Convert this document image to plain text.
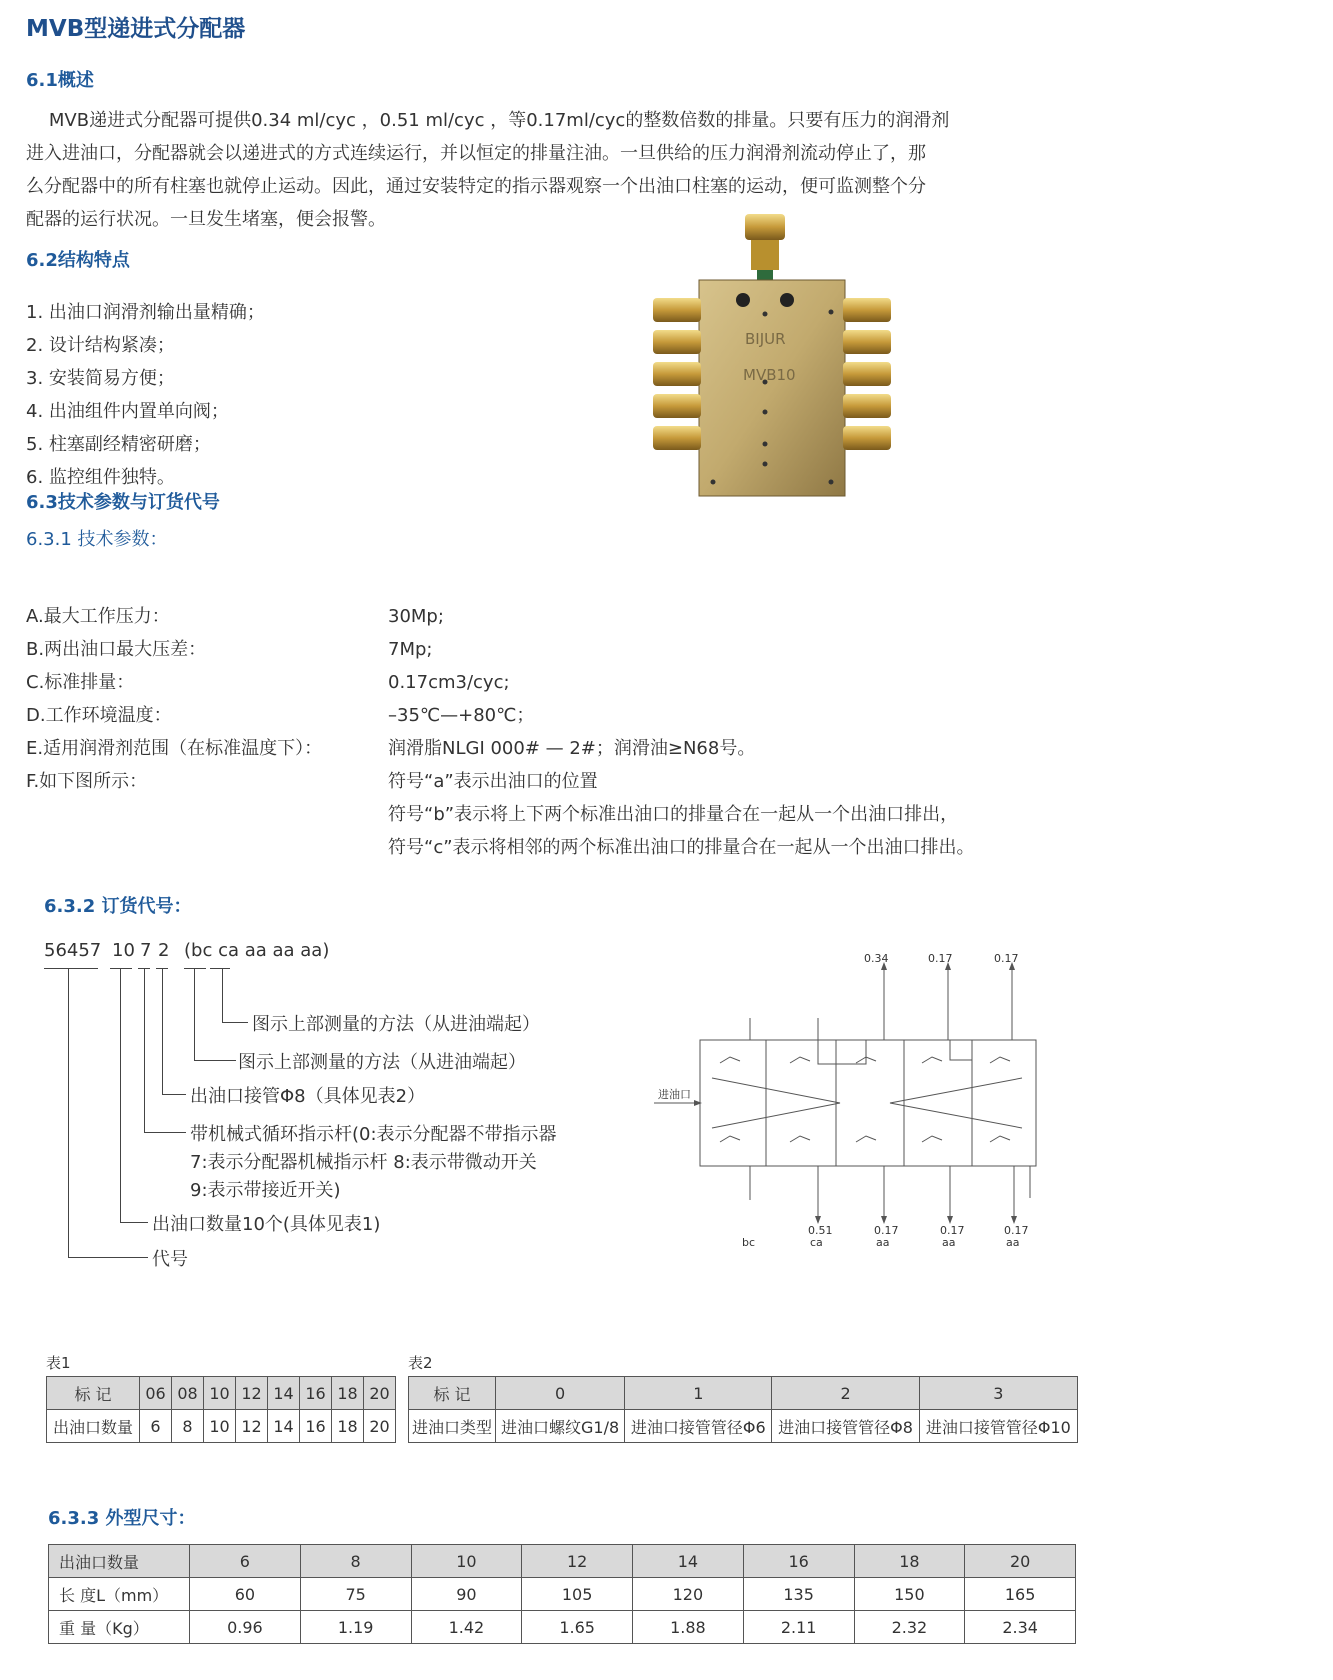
MVB型递进式分配器
6.1概述

MVB递进式分配器可提供0.34 ml/cyc ，0.51 ml/cyc ，等0.17ml/cyc的整数倍数的排量。只要有压力的润滑剂

进入进油口，分配器就会以递进式的方式连续运行，并以恒定的排量注油。一旦供给的压力润滑剂流动停止了，那

么分配器中的所有柱塞也就停止运动。因此，通过安装特定的指示器观察一个出油口柱塞的运动，便可监测整个分

配器的运行状况。一旦发生堵塞，便会报警。

6.2结构特点
1. 出油口润滑剂输出量精确；
2. 设计结构紧凑；
3. 安装简易方便；
4. 出油组件内置单向阀；
5. 柱塞副经精密研磨；
6. 监控组件独特。
BIJUR
MVB10
6.3技术参数与订货代号
6.3.1 技术参数：
A.最大工作压力：	30Mp;
B.两出油口最大压差：	7Mp;
C.标准排量：	0.17cm3/cyc;
D.工作环境温度：	–35℃—+80℃；
E.适用润滑剂范围（在标准温度下）：	润滑脂NLGI 000# — 2#；润滑油≥N68号。
F.如下图所示：	符号“a”表示出油口的位置
符号“b”表示将上下两个标准出油口的排量合在一起从一个出油口排出，
符号“c”表示将相邻的两个标准出油口的排量合在一起从一个出油口排出。
6.3.2 订货代号：
56457 10 7 2 (bc ca aa aa aa)
图示上部测量的方法（从进油端起）
图示上部测量的方法（从进油端起）
出油口接管Φ8（具体见表2）
带机械式循环指示杆(0:表示分配器不带指示器
7:表示分配器机械指示杆 8:表示带微动开关
9:表示带接近开关)
出油口数量10个(具体见表1)
代号
进油口
0.51	0.17	0.17	0.17
bc	ca	aa	aa	aa
0.34	0.17	0.17
表1
标 记	06	08	10	12	14	16	18	20
出油口数量	6	8	10	12	14	16	18	20
表2
标 记	0	1	2	3
进油口类型	进油口螺纹G1/8	进油口接管管径Φ6	进油口接管管径Φ8	进油口接管管径Φ10
6.3.3 外型尺寸：
出油口数量	6	8	10	12	14	16	18	20
长 度L（mm）	60	75	90	105	120	135	150	165
重 量（Kg）	0.96	1.19	1.42	1.65	1.88	2.11	2.32	2.34
